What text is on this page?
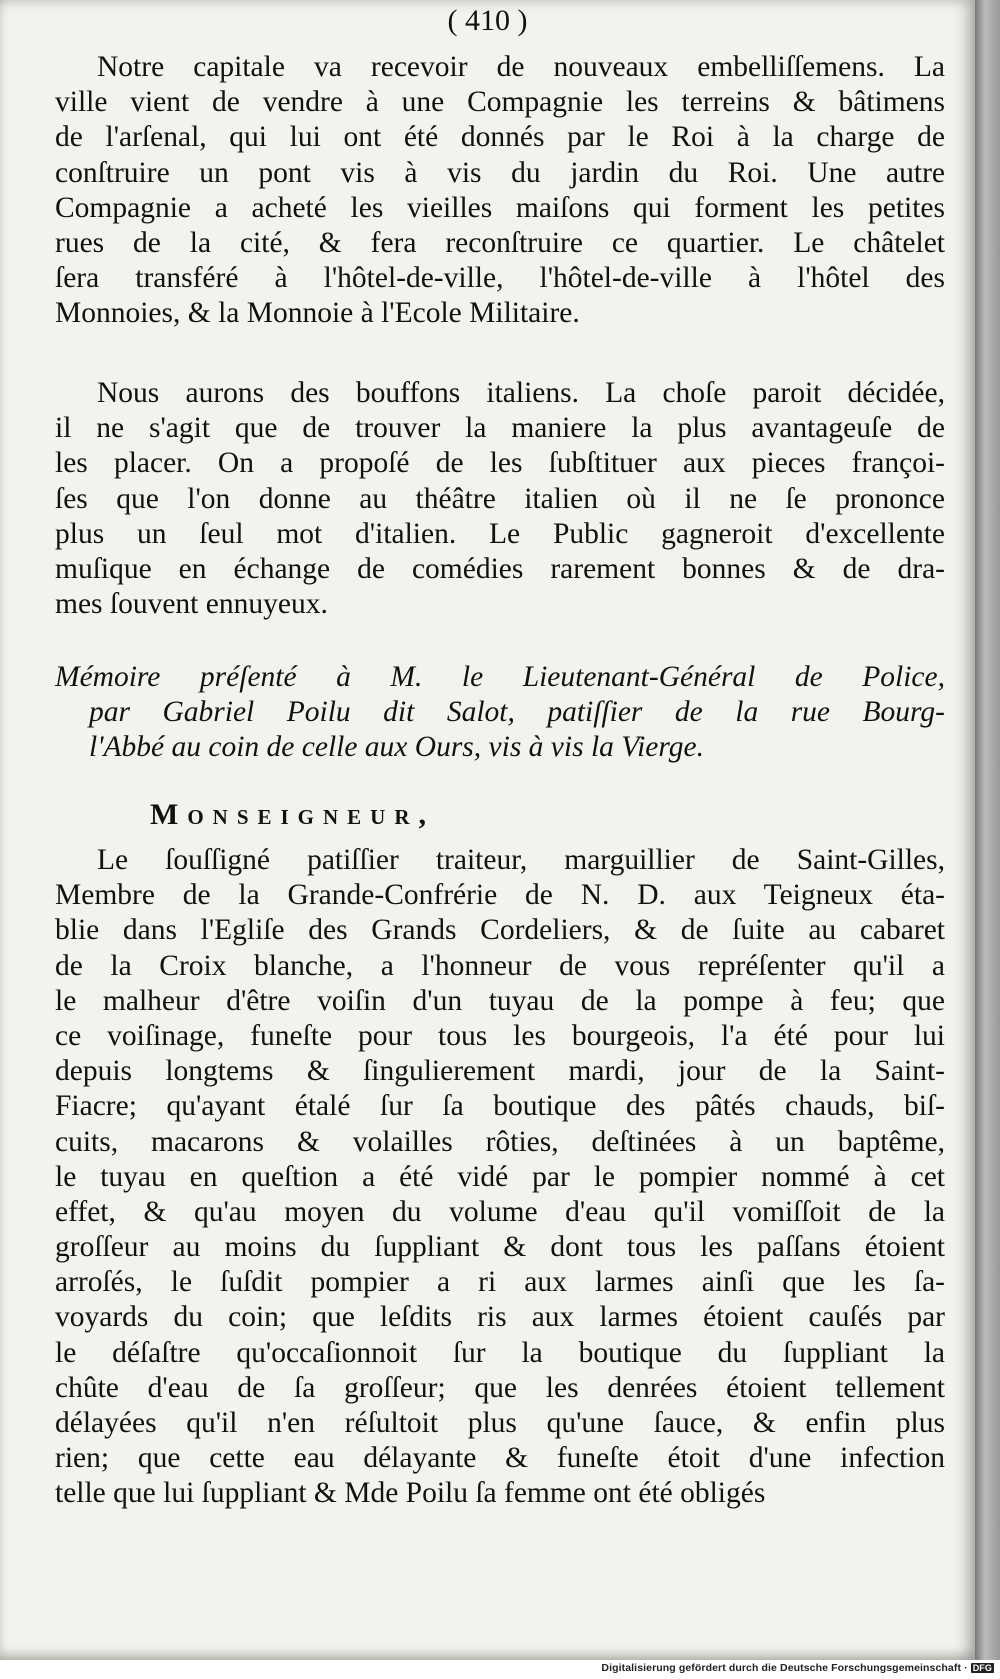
( 410 )
Notre capitale va recevoir de nouveaux embelliſſemens. La
ville vient de vendre à une Compagnie les terreins & bâtimens
de l'arſenal, qui lui ont été donnés par le Roi à la charge de
conſtruire un pont vis à vis du jardin du Roi. Une autre
Compagnie a acheté les vieilles maiſons qui forment les petites
rues de la cité, & fera reconſtruire ce quartier. Le châtelet
ſera transféré à l'hôtel-de-ville, l'hôtel-de-ville à l'hôtel des
Monnoies, & la Monnoie à l'Ecole Militaire.
Nous aurons des bouffons italiens. La choſe paroit décidée,
il ne s'agit que de trouver la maniere la plus avantageuſe de
les placer. On a propoſé de les ſubſtituer aux pieces françoi-
ſes que l'on donne au théâtre italien où il ne ſe prononce
plus un ſeul mot d'italien. Le Public gagneroit d'excellente
muſique en échange de comédies rarement bonnes & de dra-
mes ſouvent ennuyeux.
Mémoire préſenté à M. le Lieutenant-Général de Police,
par Gabriel Poilu dit Salot, patiſſier de la rue Bourg-
l'Abbé au coin de celle aux Ours, vis à vis la Vierge.
Monseigneur,
Le ſouſſigné patiſſier traiteur, marguillier de Saint-Gilles,
Membre de la Grande-Confrérie de N. D. aux Teigneux éta-
blie dans l'Egliſe des Grands Cordeliers, & de ſuite au cabaret
de la Croix blanche, a l'honneur de vous repréſenter qu'il a
le malheur d'être voiſin d'un tuyau de la pompe à feu; que
ce voiſinage, funeſte pour tous les bourgeois, l'a été pour lui
depuis longtems & ſingulierement mardi, jour de la Saint-
Fiacre; qu'ayant étalé ſur ſa boutique des pâtés chauds, biſ-
cuits, macarons & volailles rôties, deſtinées à un baptême,
le tuyau en queſtion a été vidé par le pompier nommé à cet
effet, & qu'au moyen du volume d'eau qu'il vomiſſoit de la
groſſeur au moins du ſuppliant & dont tous les paſſans étoient
arroſés, le ſuſdit pompier a ri aux larmes ainſi que les ſa-
voyards du coin; que leſdits ris aux larmes étoient cauſés par
le déſaſtre qu'occaſionnoit ſur la boutique du ſuppliant la
chûte d'eau de ſa groſſeur; que les denrées étoient tellement
délayées qu'il n'en réſultoit plus qu'une ſauce, & enfin plus
rien; que cette eau délayante & funeſte étoit d'une infection
telle que lui ſuppliant & Mde Poilu ſa femme ont été obligés
Digitalisierung gefördert durch die Deutsche Forschungsgemeinschaft · DFG
